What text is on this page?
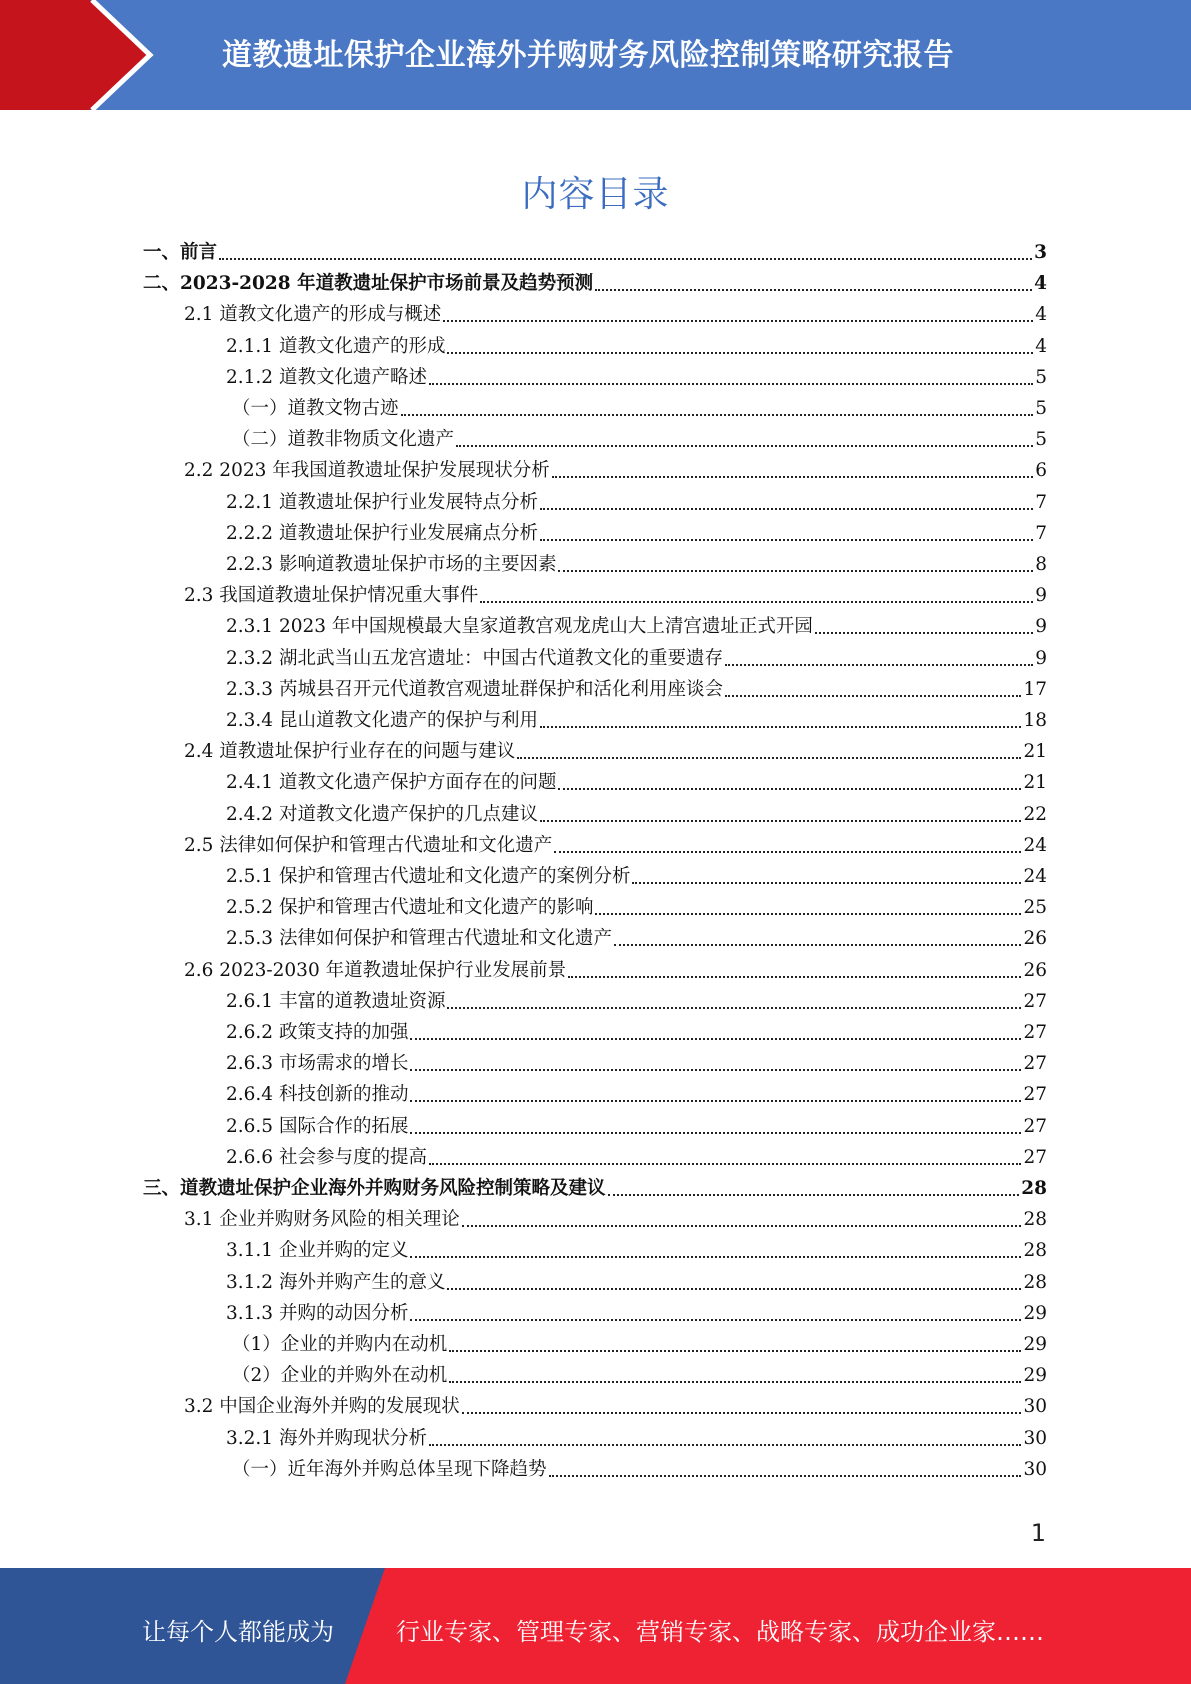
道教遗址保护企业海外并购财务风险控制策略研究报告
内容目录
一、前言	3
二、2023-2028 年道教遗址保护市场前景及趋势预测	4
2.1 道教文化遗产的形成与概述	4
2.1.1 道教文化遗产的形成	4
2.1.2 道教文化遗产略述	5
（一）道教文物古迹	5
（二）道教非物质文化遗产	5
2.2 2023 年我国道教遗址保护发展现状分析	6
2.2.1 道教遗址保护行业发展特点分析	7
2.2.2 道教遗址保护行业发展痛点分析	7
2.2.3 影响道教遗址保护市场的主要因素	8
2.3 我国道教遗址保护情况重大事件	9
2.3.1 2023 年中国规模最大皇家道教宫观龙虎山大上清宫遗址正式开园	9
2.3.2 湖北武当山五龙宫遗址：中国古代道教文化的重要遗存	9
2.3.3 芮城县召开元代道教宫观遗址群保护和活化利用座谈会	17
2.3.4 昆山道教文化遗产的保护与利用	18
2.4 道教遗址保护行业存在的问题与建议	21
2.4.1 道教文化遗产保护方面存在的问题	21
2.4.2 对道教文化遗产保护的几点建议	22
2.5 法律如何保护和管理古代遗址和文化遗产	24
2.5.1 保护和管理古代遗址和文化遗产的案例分析	24
2.5.2 保护和管理古代遗址和文化遗产的影响	25
2.5.3 法律如何保护和管理古代遗址和文化遗产	26
2.6 2023-2030 年道教遗址保护行业发展前景	26
2.6.1 丰富的道教遗址资源	27
2.6.2 政策支持的加强	27
2.6.3 市场需求的增长	27
2.6.4 科技创新的推动	27
2.6.5 国际合作的拓展	27
2.6.6 社会参与度的提高	27
三、道教遗址保护企业海外并购财务风险控制策略及建议	28
3.1 企业并购财务风险的相关理论	28
3.1.1 企业并购的定义	28
3.1.2 海外并购产生的意义	28
3.1.3 并购的动因分析	29
（1）企业的并购内在动机	29
（2）企业的并购外在动机	29
3.2 中国企业海外并购的发展现状	30
3.2.1 海外并购现状分析	30
（一）近年海外并购总体呈现下降趋势	30
1
让每个人都能成为	行业专家、管理专家、营销专家、战略专家、成功企业家……
